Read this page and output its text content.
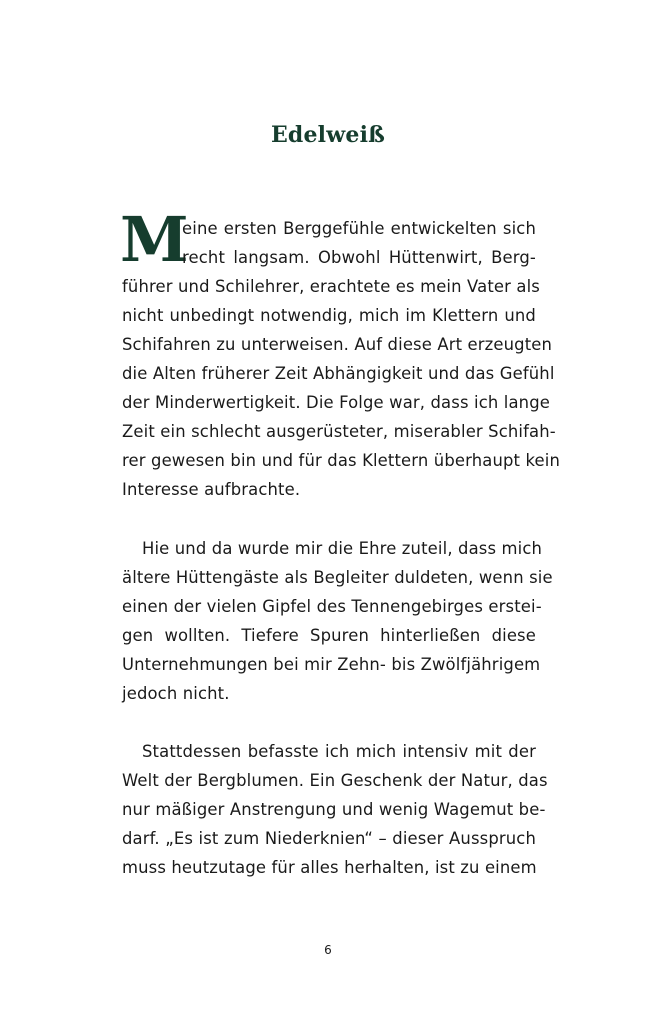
Edelweiß
M

eine ersten Berggefühle entwickelten sich
recht langsam. Obwohl Hüttenwirt, Berg-
führer und Schilehrer, erachtete es mein Vater als
nicht unbedingt notwendig, mich im Klettern und
Schifahren zu unterweisen. Auf diese Art erzeugten
die Alten früherer Zeit Abhängigkeit und das Gefühl
der Minderwertigkeit. Die Folge war, dass ich lange
Zeit ein schlecht ausgerüsteter, miserabler Schifah-
rer gewesen bin und für das Klettern überhaupt kein
Interesse aufbrachte.

Hie und da wurde mir die Ehre zuteil, dass mich
ältere Hüttengäste als Begleiter duldeten, wenn sie
einen der vielen Gipfel des Tennengebirges erstei-
gen wollten. Tiefere Spuren hinterließen diese
Unternehmungen bei mir Zehn- bis Zwölfjährigem
jedoch nicht.

Stattdessen befasste ich mich intensiv mit der
Welt der Bergblumen. Ein Geschenk der Natur, das
nur mäßiger Anstrengung und wenig Wagemut be-
darf. „Es ist zum Niederknien“ – dieser Ausspruch
muss heutzutage für alles herhalten, ist zu einem

6
